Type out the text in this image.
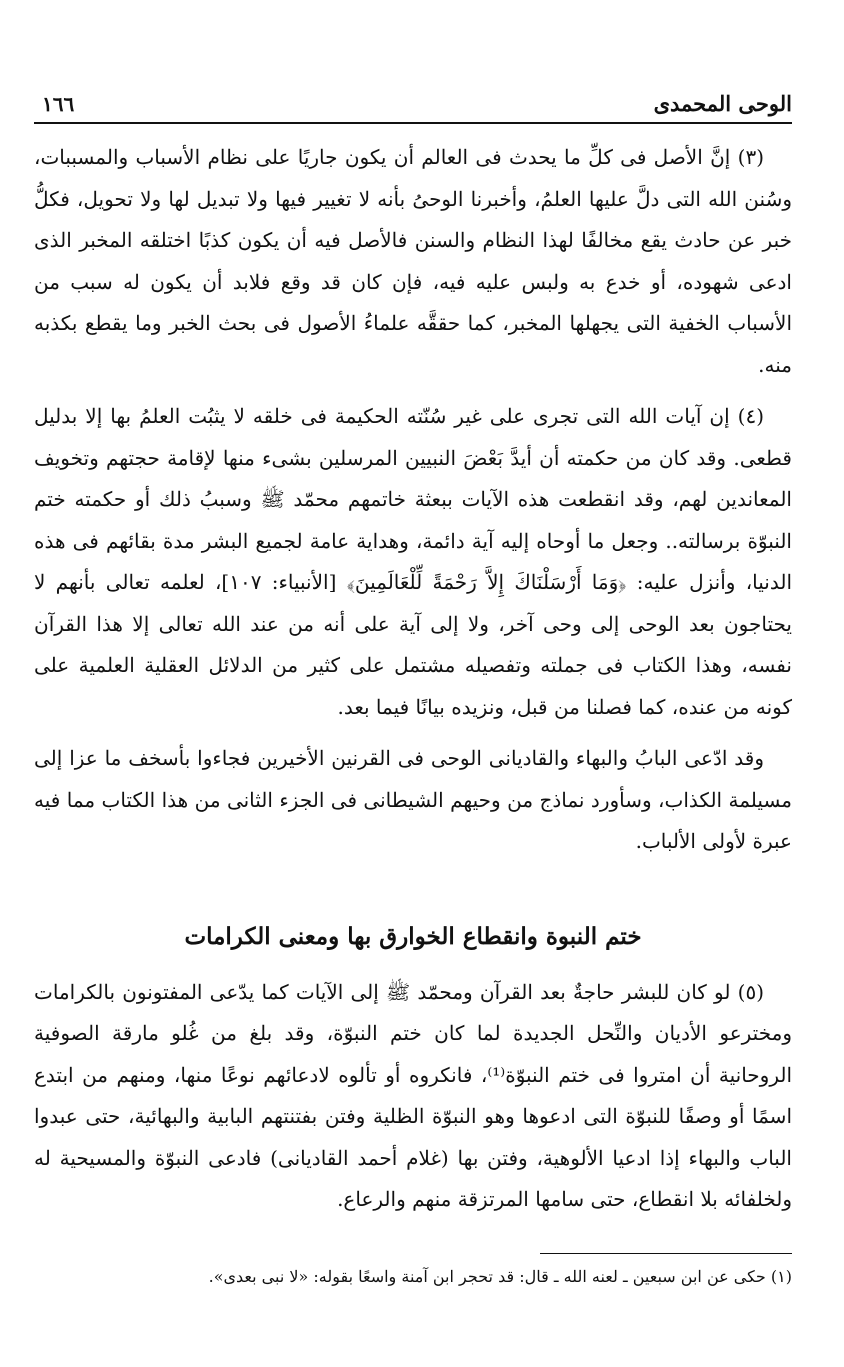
الوحى المحمدى
١٦٦

(٣) إنَّ الأصل فى كلِّ ما يحدث فى العالم أن يكون جاريًا على نظام الأسباب والمسببات، وسُنن الله التى دلَّ عليها العلمُ، وأخبرنا الوحىُ بأنه لا تغيير فيها ولا تبديل لها ولا تحويل، فكلُّ خبر عن حادث يقع مخالفًا لهذا النظام والسنن فالأصل فيه أن يكون كذبًا اختلقه المخبر الذى ادعى شهوده، أو خدع به ولبس عليه فيه، فإن كان قد وقع فلابد أن يكون له سبب من الأسباب الخفية التى يجهلها المخبر، كما حققَّه علماءُ الأصول فى بحث الخبر وما يقطع بكذبه منه.

(٤) إن آيات الله التى تجرى على غير سُنّته الحكيمة فى خلقه لا يثبُت العلمُ بها إلا بدليل قطعى. وقد كان من حكمته أن أيدَّ بَعْضَ النبيين المرسلين بشىء منها لإقامة حجتهم وتخويف المعاندين لهم، وقد انقطعت هذه الآيات ببعثة خاتمهم محمّد ﷺ وسببُ ذلك أو حكمته ختم النبوّة برسالته.. وجعل ما أوحاه إليه آية دائمة، وهداية عامة لجميع البشر مدة بقائهم فى هذه الدنيا، وأنزل عليه: ﴿وَمَا أَرْسَلْنَاكَ إِلاَّ رَحْمَةً لِّلْعَالَمِينَ﴾ [الأنبياء: ١٠٧]، لعلمه تعالى بأنهم لا يحتاجون بعد الوحى إلى وحى آخر، ولا إلى آية على أنه من عند الله تعالى إلا هذا القرآن نفسه، وهذا الكتاب فى جملته وتفصيله مشتمل على كثير من الدلائل العقلية العلمية على كونه من عنده، كما فصلنا من قبل، ونزيده بيانًا فيما بعد.

وقد ادّعى البابُ والبهاء والقاديانى الوحى فى القرنين الأخيرين فجاءوا بأسخف ما عزا إلى مسيلمة الكذاب، وسأورد نماذج من وحيهم الشيطانى فى الجزء الثانى من هذا الكتاب مما فيه عبرة لأولى الألباب.

ختم النبوة وانقطاع الخوارق بها ومعنى الكرامات

(٥) لو كان للبشر حاجةٌ بعد القرآن ومحمّد ﷺ إلى الآيات كما يدّعى المفتونون بالكرامات ومخترعو الأديان والنِّحل الجديدة لما كان ختم النبوّة، وقد بلغ من غُلو مارقة الصوفية الروحانية أن امتروا فى ختم النبوّة⁽¹⁾، فانكروه أو تألوه لادعائهم نوعًا منها، ومنهم من ابتدع اسمًا أو وصفًا للنبوّة التى ادعوها وهو النبوّة الظلية وفتن بفتنتهم البابية والبهائية، حتى عبدوا الباب والبهاء إذا ادعيا الألوهية، وفتن بها (غلام أحمد القاديانى) فادعى النبوّة والمسيحية له ولخلفائه بلا انقطاع، حتى سامها المرتزقة منهم والرعاع.

(١) حكى عن ابن سبعين ـ لعنه الله ـ قال: قد تحجر ابن آمنة واسعًا بقوله: «لا نبى بعدى».
